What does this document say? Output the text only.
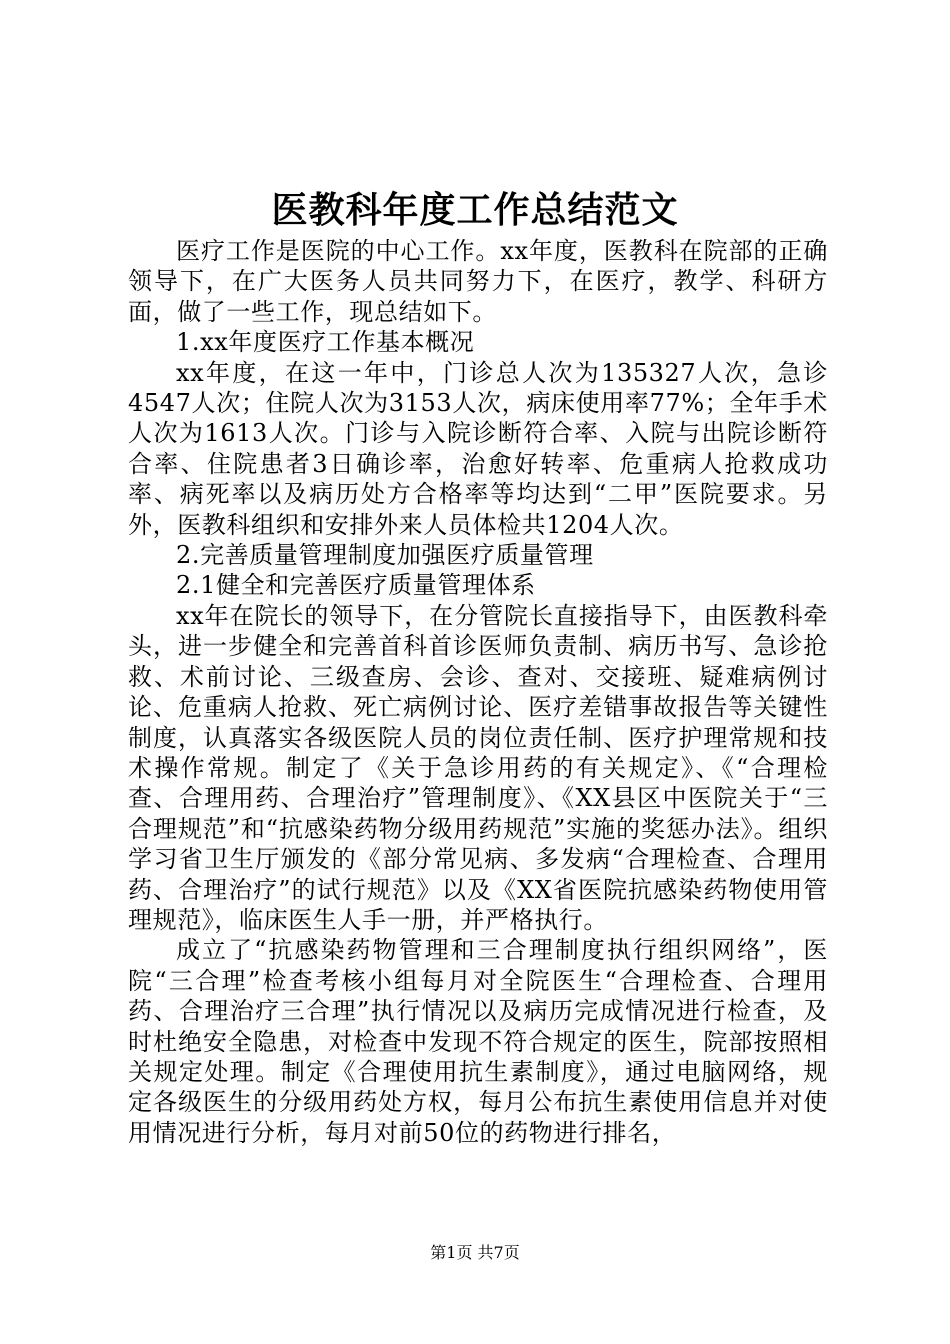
医教科年度工作总结范文

医疗工作是医院的中心工作。xx年度，医教科在院部的正确领导下，在广大医务人员共同努力下，在医疗，教学、科研方面，做了一些工作，现总结如下。

1.xx年度医疗工作基本概况

xx年度，在这一年中，门诊总人次为135327人次，急诊4547人次；住院人次为3153人次，病床使用率77%；全年手术人次为1613人次。门诊与入院诊断符合率、入院与出院诊断符合率、住院患者3日确诊率，治愈好转率、危重病人抢救成功率、病死率以及病历处方合格率等均达到“二甲”医院要求。另外，医教科组织和安排外来人员体检共1204人次。

2.完善质量管理制度加强医疗质量管理

2.1健全和完善医疗质量管理体系

xx年在院长的领导下，在分管院长直接指导下，由医教科牵头，进一步健全和完善首科首诊医师负责制、病历书写、急诊抢救、术前讨论、三级查房、会诊、查对、交接班、疑难病例讨论、危重病人抢救、死亡病例讨论、医疗差错事故报告等关键性制度，认真落实各级医院人员的岗位责任制、医疗护理常规和技术操作常规。制定了《关于急诊用药的有关规定》、《“合理检查、合理用药、合理治疗”管理制度》、《XX县区中医院关于“三合理规范”和“抗感染药物分级用药规范”实施的奖惩办法》。组织学习省卫生厅颁发的《部分常见病、多发病“合理检查、合理用药、合理治疗”的试行规范》以及《XX省医院抗感染药物使用管理规范》，临床医生人手一册，并严格执行。

成立了“抗感染药物管理和三合理制度执行组织网络”，医院“三合理”检查考核小组每月对全院医生“合理检查、合理用药、合理治疗三合理”执行情况以及病历完成情况进行检查，及时杜绝安全隐患，对检查中发现不符合规定的医生，院部按照相关规定处理。制定《合理使用抗生素制度》，通过电脑网络，规定各级医生的分级用药处方权，每月公布抗生素使用信息并对使用情况进行分析，每月对前50位的药物进行排名，

第1页 共7页
